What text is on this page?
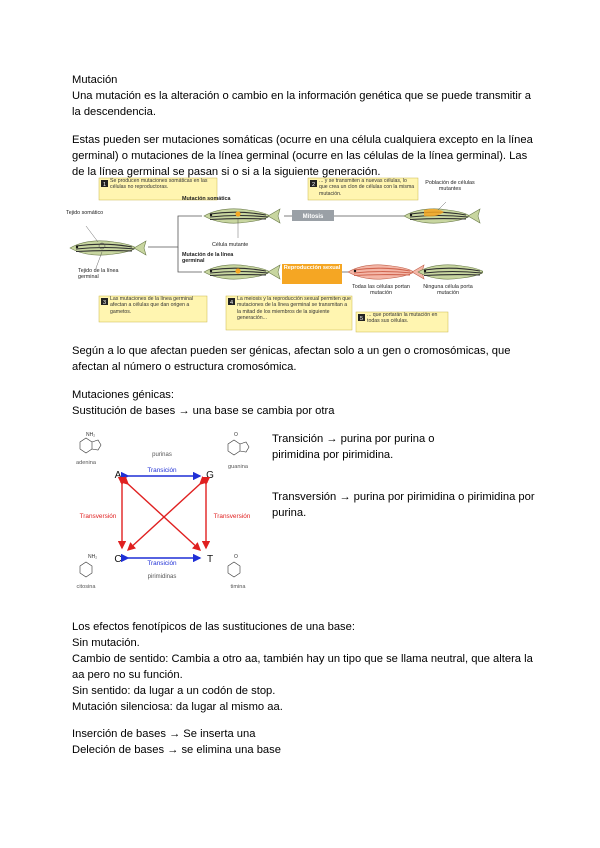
Mutación
Una mutación es la alteración o cambio en la información genética que se puede transmitir a la descendencia.
Estas pueden ser mutaciones somáticas (ocurre en una célula cualquiera excepto en la línea germinal) o mutaciones de la línea germinal (ocurre en las células de la línea germinal). Las de la línea germinal se pasan si o si a la siguiente generación.
1
Se producen mutaciones somáticas en las células no reproductoras.	2
... y se transmiten a nuevas células, lo que crea un clon de células con la misma mutación.
Población de células mutantes
Tejido somático
Tejido de la línea germinal
Mutación somática
Mutación de la línea germinal
Célula mutante
Mitosis
Reproducción sexual
Todas las células portan mutación
Ninguna célula porta mutación
3
Las mutaciones de la línea germinal afectan a células que dan origen a gametos.
4
La meiosis y la reproducción sexual permiten que mutaciones de la línea germinal se transmitan a la mitad de los miembros de la siguiente generación...	5
... que portarán la mutación en todas sus células.
Según a lo que afectan pueden ser génicas, afectan solo a un gen o cromosómicas, que afectan al número o estructura cromosómica.
Mutaciones génicas:
Sustitución de bases → una base se cambia por otra
NH₂	O
NH₂	O
adenina
guanina
citosina	timina
purinas
pirimidinas
A	G
C	T
Transición
Transición
Transversión	Transversión
Transición → purina por purina o pirimidina por pirimidina.
Transversión → purina por pirimidina o pirimidina por purina.
Los efectos fenotípicos de las sustituciones de una base:
Sin mutación.
Cambio de sentido: Cambia a otro aa, también hay un tipo que se llama neutral, que altera la aa pero no su función.
Sin sentido: da lugar a un codón de stop.
Mutación silenciosa: da lugar al mismo aa.
Inserción de bases → Se inserta una
Deleción de bases → se elimina una base
